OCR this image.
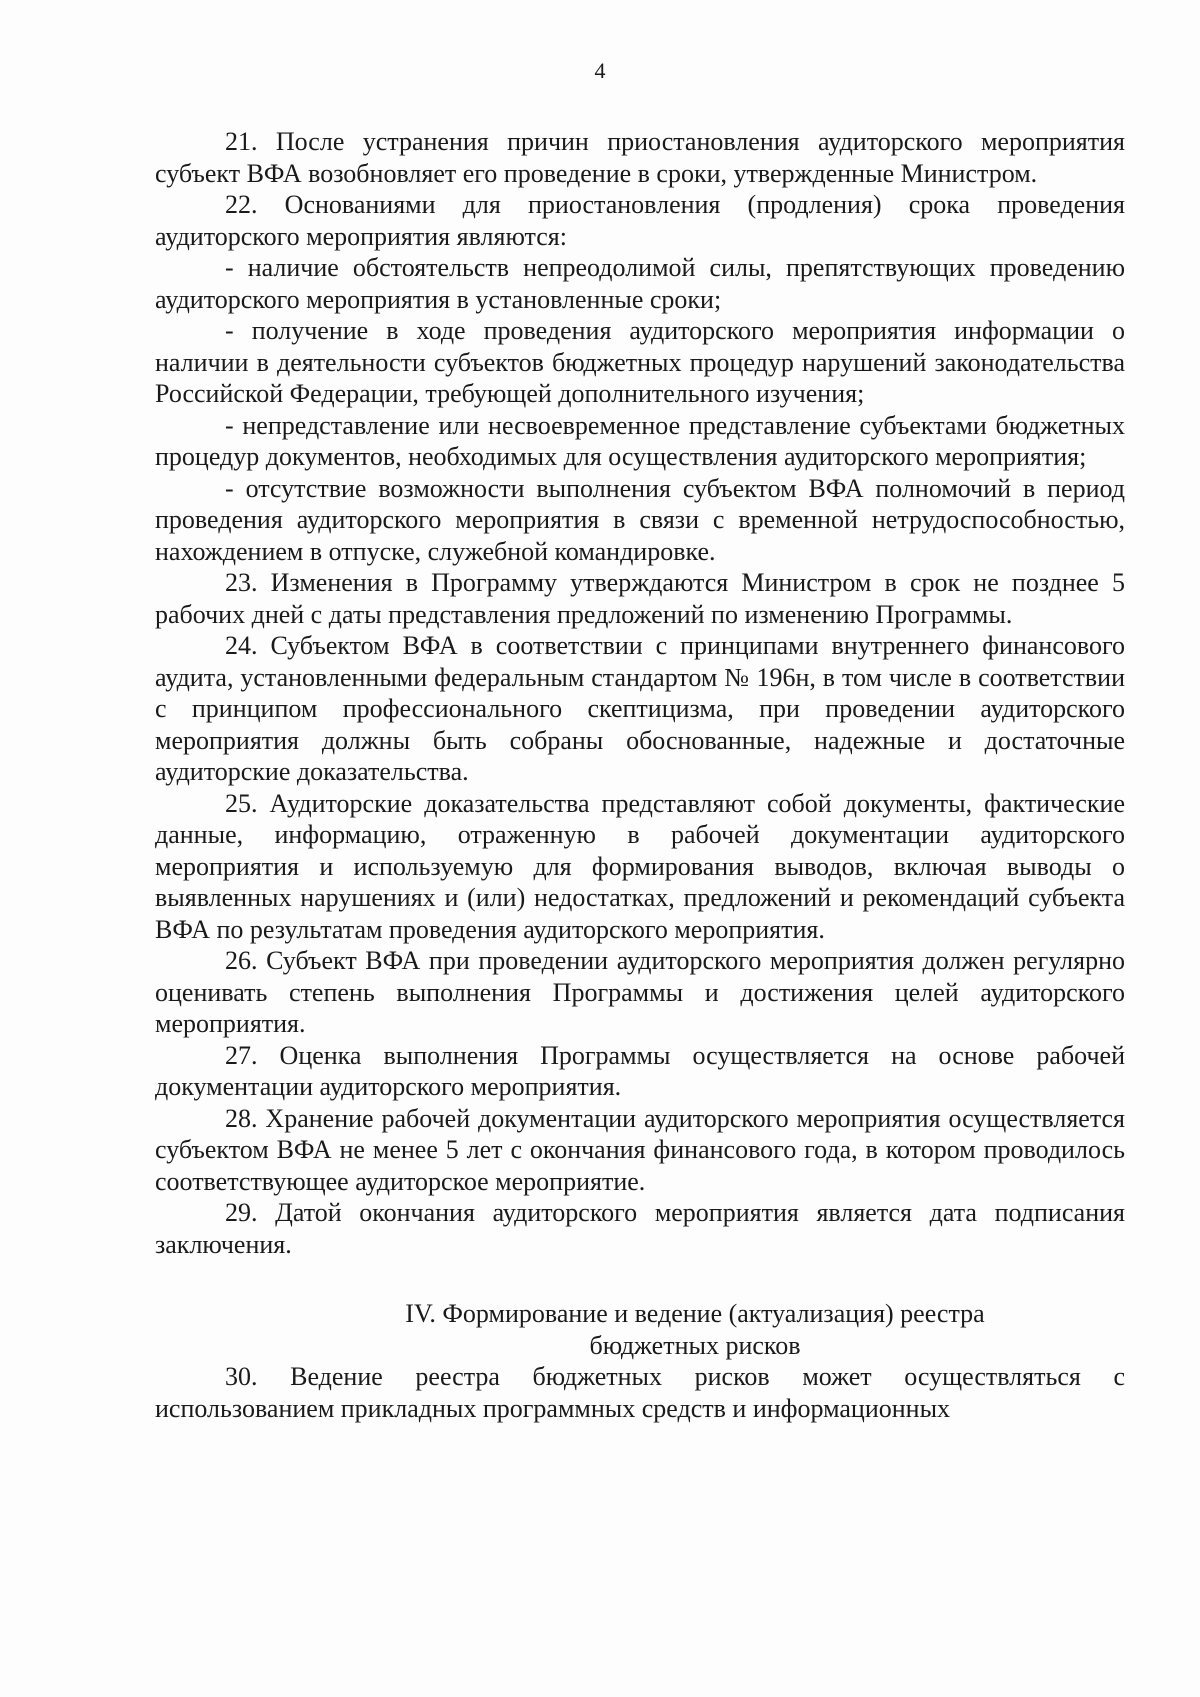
4

21. После устранения причин приостановления аудиторского мероприятия субъект ВФА возобновляет его проведение в сроки, утвержденные Министром.

22. Основаниями для приостановления (продления) срока проведения аудиторского мероприятия являются:

- наличие обстоятельств непреодолимой силы, препятствующих проведению аудиторского мероприятия в установленные сроки;

- получение в ходе проведения аудиторского мероприятия информации о наличии в деятельности субъектов бюджетных процедур нарушений законодательства Российской Федерации, требующей дополнительного изучения;

- непредставление или несвоевременное представление субъектами бюджетных процедур документов, необходимых для осуществления аудиторского мероприятия;

- отсутствие возможности выполнения субъектом ВФА полномочий в период проведения аудиторского мероприятия в связи с временной нетрудоспособностью, нахождением в отпуске, служебной командировке.

23. Изменения в Программу утверждаются Министром в срок не позднее 5 рабочих дней с даты представления предложений по изменению Программы.

24. Субъектом ВФА в соответствии с принципами внутреннего финансового аудита, установленными федеральным стандартом № 196н, в том числе в соответствии с принципом профессионального скептицизма, при проведении аудиторского мероприятия должны быть собраны обоснованные, надежные и достаточные аудиторские доказательства.

25. Аудиторские доказательства представляют собой документы, фактические данные, информацию, отраженную в рабочей документации аудиторского мероприятия и используемую для формирования выводов, включая выводы о выявленных нарушениях и (или) недостатках, предложений и рекомендаций субъекта ВФА по результатам проведения аудиторского мероприятия.

26. Субъект ВФА при проведении аудиторского мероприятия должен регулярно оценивать степень выполнения Программы и достижения целей аудиторского мероприятия.

27. Оценка выполнения Программы осуществляется на основе рабочей документации аудиторского мероприятия.

28. Хранение рабочей документации аудиторского мероприятия осуществляется субъектом ВФА не менее 5 лет с окончания финансового года, в котором проводилось соответствующее аудиторское мероприятие.

29. Датой окончания аудиторского мероприятия является дата подписания заключения.

IV. Формирование и ведение (актуализация) реестра
бюджетных рисков

30. Ведение реестра бюджетных рисков может осуществляться с использованием прикладных программных средств и информационных
